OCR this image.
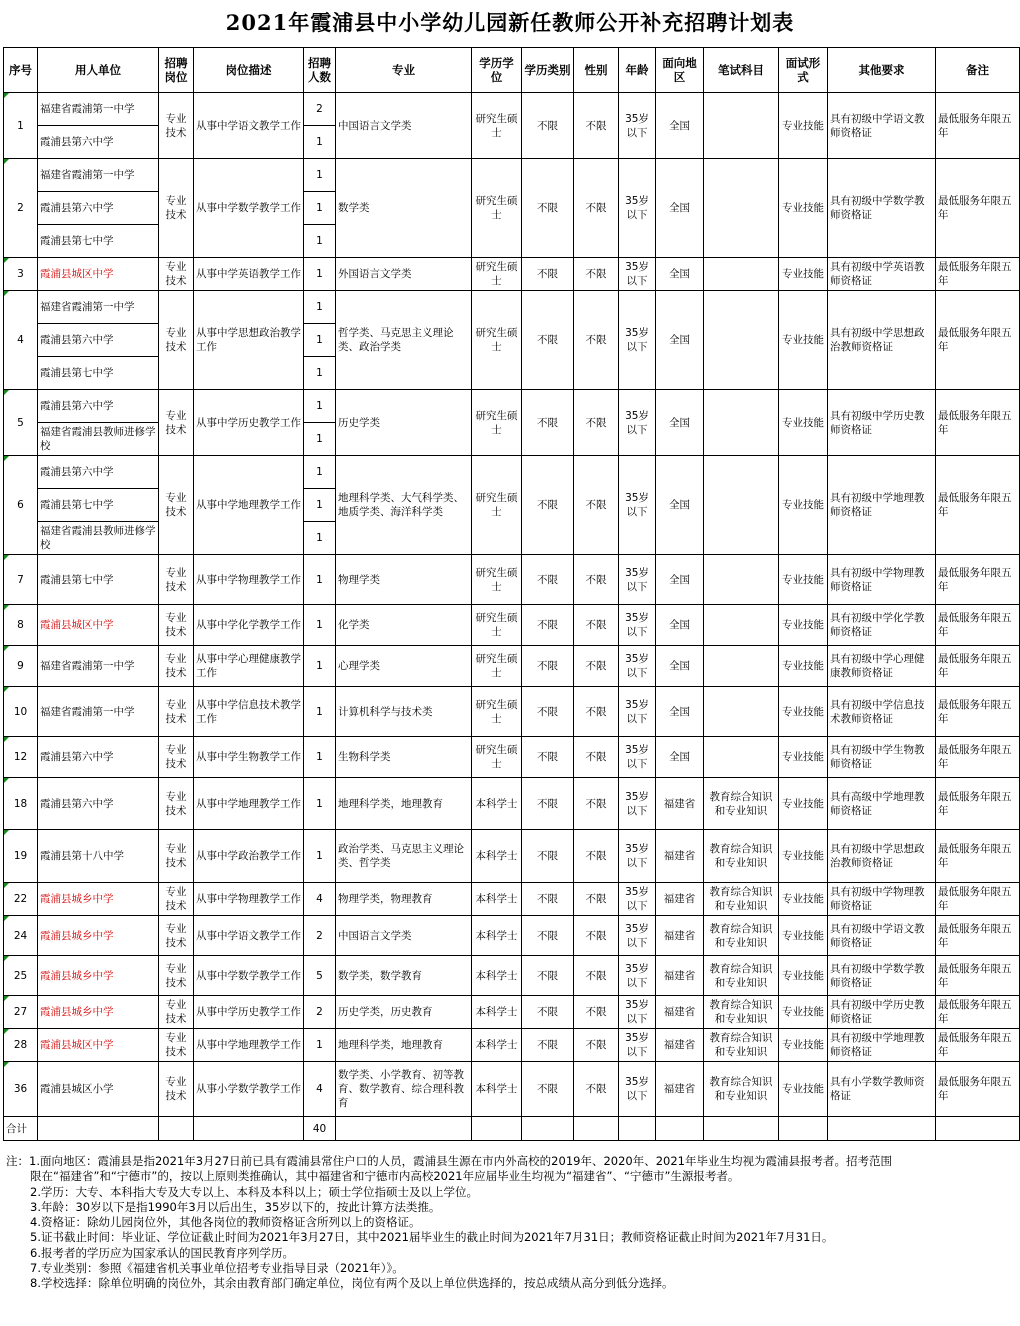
2021年霞浦县中小学幼儿园新任教师公开补充招聘计划表
序号	用人单位	招聘岗位	岗位描述	招聘人数	专业	学历学位	学历类别	性别	年龄	面向地区	笔试科目	面试形式	其他要求	备注
1	福建省霞浦第一中学	专业技术	从事中学语文教学工作	2	中国语言文学类	研究生硕士	不限	不限	35岁以下	全国		专业技能	具有初级中学语文教师资格证	最低服务年限五年
	霞浦县第六中学			1										
2	福建省霞浦第一中学	专业技术	从事中学数学教学工作	1	数学类	研究生硕士	不限	不限	35岁以下	全国		专业技能	具有初级中学数学教师资格证	最低服务年限五年
	霞浦县第六中学			1										
	霞浦县第七中学			1										
3	霞浦县城区中学	专业技术	从事中学英语教学工作	1	外国语言文学类	研究生硕士	不限	不限	35岁以下	全国		专业技能	具有初级中学英语教师资格证	最低服务年限五年
4	福建省霞浦第一中学	专业技术	从事中学思想政治教学工作	1	哲学类、马克思主义理论类、政治学类	研究生硕士	不限	不限	35岁以下	全国		专业技能	具有初级中学思想政治教师资格证	最低服务年限五年
	霞浦县第六中学			1										
	霞浦县第七中学			1										
5	霞浦县第六中学	专业技术	从事中学历史教学工作	1	历史学类	研究生硕士	不限	不限	35岁以下	全国		专业技能	具有初级中学历史教师资格证	最低服务年限五年
	福建省霞浦县教师进修学校			1										
6	霞浦县第六中学	专业技术	从事中学地理教学工作	1	地理科学类、大气科学类、地质学类、海洋科学类	研究生硕士	不限	不限	35岁以下	全国		专业技能	具有初级中学地理教师资格证	最低服务年限五年
	霞浦县第七中学			1										
	福建省霞浦县教师进修学校			1										
7	霞浦县第七中学	专业技术	从事中学物理教学工作	1	物理学类	研究生硕士	不限	不限	35岁以下	全国		专业技能	具有初级中学物理教师资格证	最低服务年限五年
8	霞浦县城区中学	专业技术	从事中学化学教学工作	1	化学类	研究生硕士	不限	不限	35岁以下	全国		专业技能	具有初级中学化学教师资格证	最低服务年限五年
9	福建省霞浦第一中学	专业技术	从事中学心理健康教学工作	1	心理学类	研究生硕士	不限	不限	35岁以下	全国		专业技能	具有初级中学心理健康教师资格证	最低服务年限五年
10	福建省霞浦第一中学	专业技术	从事中学信息技术教学工作	1	计算机科学与技术类	研究生硕士	不限	不限	35岁以下	全国		专业技能	具有初级中学信息技术教师资格证	最低服务年限五年
12	霞浦县第六中学	专业技术	从事中学生物教学工作	1	生物科学类	研究生硕士	不限	不限	35岁以下	全国		专业技能	具有初级中学生物教师资格证	最低服务年限五年
18	霞浦县第六中学	专业技术	从事中学地理教学工作	1	地理科学类，地理教育	本科学士	不限	不限	35岁以下	福建省	教育综合知识和专业知识	专业技能	具有高级中学地理教师资格证	最低服务年限五年
19	霞浦县第十八中学	专业技术	从事中学政治教学工作	1	政治学类、马克思主义理论类、哲学类	本科学士	不限	不限	35岁以下	福建省	教育综合知识和专业知识	专业技能	具有初级中学思想政治教师资格证	最低服务年限五年
22	霞浦县城乡中学	专业技术	从事中学物理教学工作	4	物理学类，物理教育	本科学士	不限	不限	35岁以下	福建省	教育综合知识和专业知识	专业技能	具有初级中学物理教师资格证	最低服务年限五年
24	霞浦县城乡中学	专业技术	从事中学语文教学工作	2	中国语言文学类	本科学士	不限	不限	35岁以下	福建省	教育综合知识和专业知识	专业技能	具有初级中学语文教师资格证	最低服务年限五年
25	霞浦县城乡中学	专业技术	从事中学数学教学工作	5	数学类，数学教育	本科学士	不限	不限	35岁以下	福建省	教育综合知识和专业知识	专业技能	具有初级中学数学教师资格证	最低服务年限五年
27	霞浦县城乡中学	专业技术	从事中学历史教学工作	2	历史学类，历史教育	本科学士	不限	不限	35岁以下	福建省	教育综合知识和专业知识	专业技能	具有初级中学历史教师资格证	最低服务年限五年
28	霞浦县城区中学	专业技术	从事中学地理教学工作	1	地理科学类，地理教育	本科学士	不限	不限	35岁以下	福建省	教育综合知识和专业知识	专业技能	具有初级中学地理教师资格证	最低服务年限五年
36	霞浦县城区小学	专业技术	从事小学数学教学工作	4	数学类、小学教育、初等教育、数学教育、综合理科教育	本科学士	不限	不限	35岁以下	福建省	教育综合知识和专业知识	专业技能	具有小学数学教师资格证	最低服务年限五年
合计				40										
注：1.面向地区：霞浦县是指2021年3月27日前已具有霞浦县常住户口的人员，霞浦县生源在市内外高校的2019年、2020年、2021年毕业生均视为霞浦县报考者。招考范围
限在“福建省”和“宁德市”的，按以上原则类推确认，其中福建省和宁德市内高校2021年应届毕业生均视为“福建省”、“宁德市”生源报考者。
2.学历：大专、本科指大专及大专以上、本科及本科以上；硕士学位指硕士及以上学位。
3.年龄：30岁以下是指1990年3月以后出生，35岁以下的，按此计算方法类推。
4.资格证：除幼儿园岗位外，其他各岗位的教师资格证含所列以上的资格证。
5.证书截止时间：毕业证、学位证截止时间为2021年3月27日，其中2021届毕业生的截止时间为2021年7月31日；教师资格证截止时间为2021年7月31日。
6.报考者的学历应为国家承认的国民教育序列学历。
7.专业类别：参照《福建省机关事业单位招考专业指导目录（2021年）》。
8.学校选择：除单位明确的岗位外，其余由教育部门确定单位，岗位有两个及以上单位供选择的，按总成绩从高分到低分选择。
